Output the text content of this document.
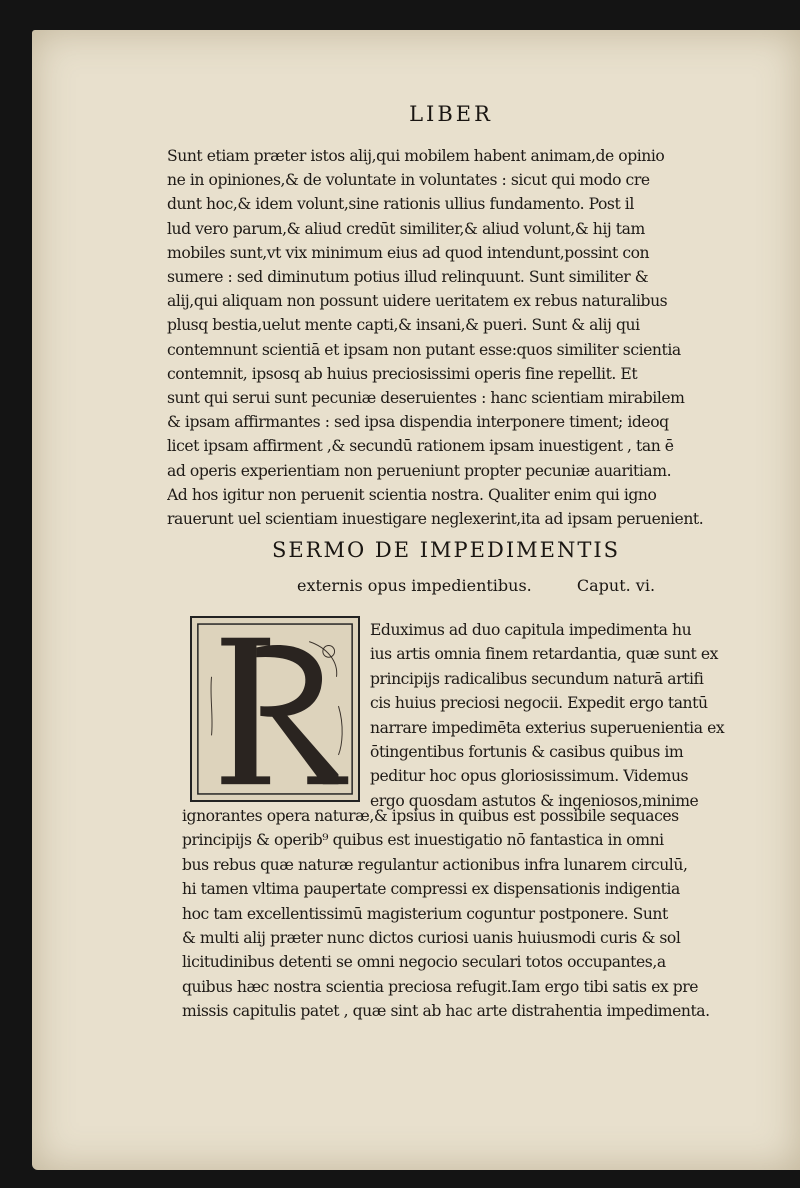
LIBER
Sunt etiam præter istos alij,qui mobilem habent animam,de opinio
ne in opiniones,& de voluntate in voluntates : sicut qui modo cre
dunt hoc,& idem volunt,sine rationis ullius fundamento. Post il
lud vero parum,& aliud credūt similiter,& aliud volunt,& hij tam
mobiles sunt,vt vix minimum eius ad quod intendunt,possint con
sumere : sed diminutum potius illud relinquunt. Sunt similiter &
alij,qui aliquam non possunt uidere ueritatem ex rebus naturalibus
plusq bestia,uelut mente capti,& insani,& pueri. Sunt & alij qui
contemnunt scientiā et ipsam non putant esse:quos similiter scientia
contemnit, ipsosq ab huius preciosissimi operis fine repellit. Et
sunt qui serui sunt pecuniæ deseruientes : hanc scientiam mirabilem
& ipsam affirmantes : sed ipsa dispendia interponere timent; ideoq
licet ipsam affirment ,& secundū rationem ipsam inuestigent , tan ē
ad operis experientiam non perueniunt propter pecuniæ auaritiam.
Ad hos igitur non peruenit scientia nostra. Qualiter enim qui igno
rauerunt uel scientiam inuestigare neglexerint,ita ad ipsam peruenient.
SERMO DE IMPEDIMENTIS
externis opus impedientibus.	Caput. vi.
Eduximus ad duo capitula impedimenta hu
ius artis omnia finem retardantia, quæ sunt ex
principijs radicalibus secundum naturā artifi
cis huius preciosi negocii. Expedit ergo tantū
narrare impedimēta exterius superuenientia ex
ōtingentibus fortunis & casibus quibus im
peditur hoc opus gloriosissimum. Videmus
ergo quosdam astutos & ingeniosos,minime
ignorantes opera naturæ,& ipsius in quibus est possibile sequaces
principijs & operib⁹ quibus est inuestigatio nō fantastica in omni
bus rebus quæ naturæ regulantur actionibus infra lunarem circulū,
hi tamen vltima paupertate compressi ex dispensationis indigentia
hoc tam excellentissimū magisterium coguntur postponere. Sunt
& multi alij præter nunc dictos curiosi uanis huiusmodi curis & sol
licitudinibus detenti se omni negocio seculari totos occupantes,a
quibus hæc nostra scientia preciosa refugit.Iam ergo tibi satis ex pre
missis capitulis patet , quæ sint ab hac arte distrahentia impedimenta.
